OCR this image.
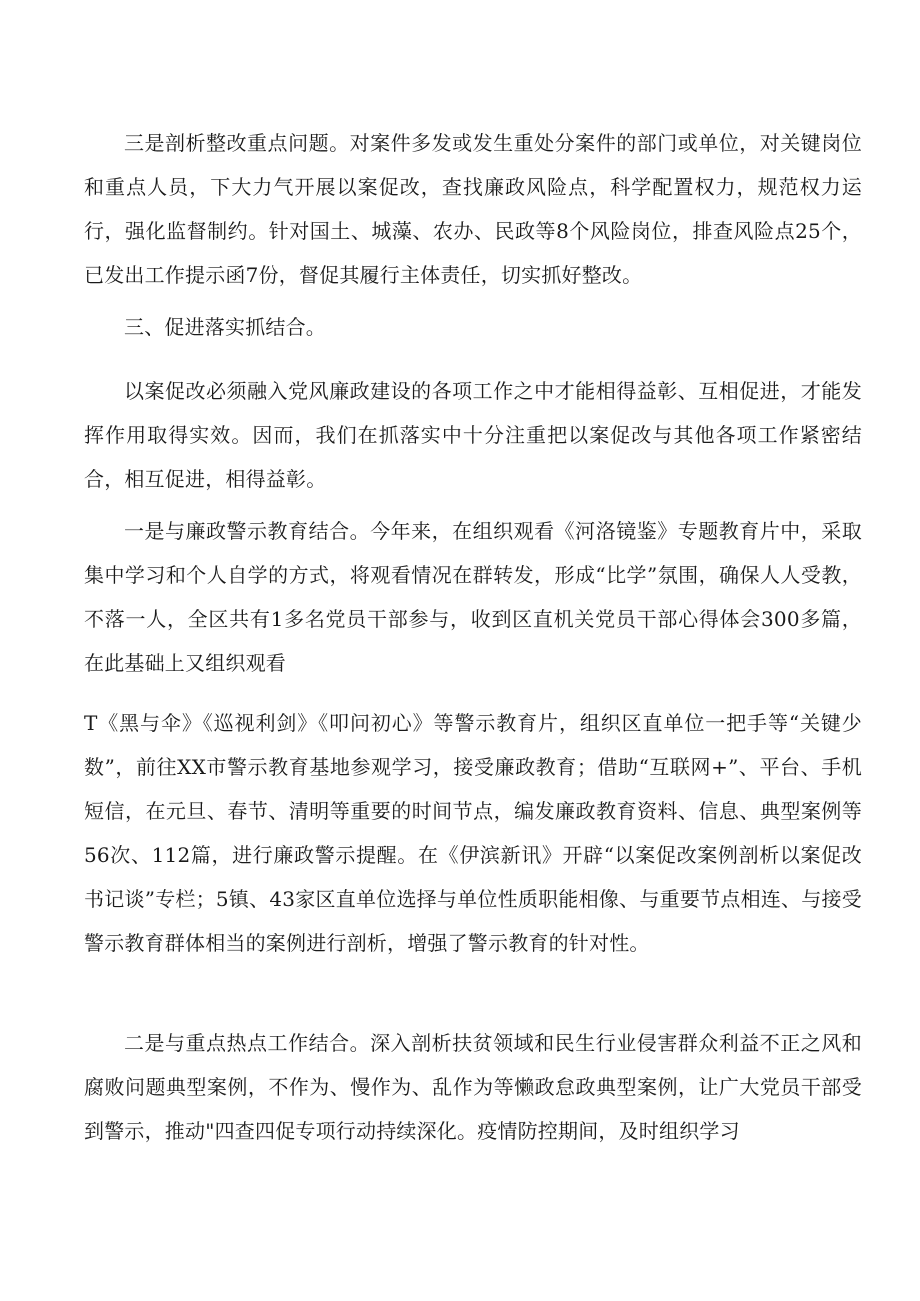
三是剖析整改重点问题。对案件多发或发生重处分案件的部门或单位，对关键岗位和重点人员，下大力气开展以案促改，查找廉政风险点，科学配置权力，规范权力运行，强化监督制约。针对国土、城藻、农办、民政等8个风险岗位，排查风险点25个，已发出工作提示函7份，督促其履行主体责任，切实抓好整改。

三、促进落实抓结合。

以案促改必须融入党风廉政建设的各项工作之中才能相得益彰、互相促进，才能发挥作用取得实效。因而，我们在抓落实中十分注重把以案促改与其他各项工作紧密结合，相互促进，相得益彰。

一是与廉政警示教育结合。今年来，在组织观看《河洛镜鉴》专题教育片中，采取集中学习和个人自学的方式，将观看情况在群转发，形成“比学”氛围，确保人人受教，不落一人，全区共有1多名党员干部参与，收到区直机关党员干部心得体会300多篇，在此基础上又组织观看

T《黑与伞》《巡视利剑》《叩问初心》等警示教育片，组织区直单位一把手等“关键少数”，前往XX市警示教育基地参观学习，接受廉政教育；借助“互联网+”、平台、手机短信，在元旦、春节、清明等重要的时间节点，编发廉政教育资料、信息、典型案例等56次、112篇，进行廉政警示提醒。在《伊滨新讯》开辟“以案促改案例剖析以案促改书记谈”专栏；5镇、43家区直单位选择与单位性质职能相像、与重要节点相连、与接受警示教育群体相当的案例进行剖析，增强了警示教育的针对性。

二是与重点热点工作结合。深入剖析扶贫领域和民生行业侵害群众利益不正之风和腐败问题典型案例，不作为、慢作为、乱作为等懒政怠政典型案例，让广大党员干部受到警示，推动"四查四促专项行动持续深化。疫情防控期间，及时组织学习
